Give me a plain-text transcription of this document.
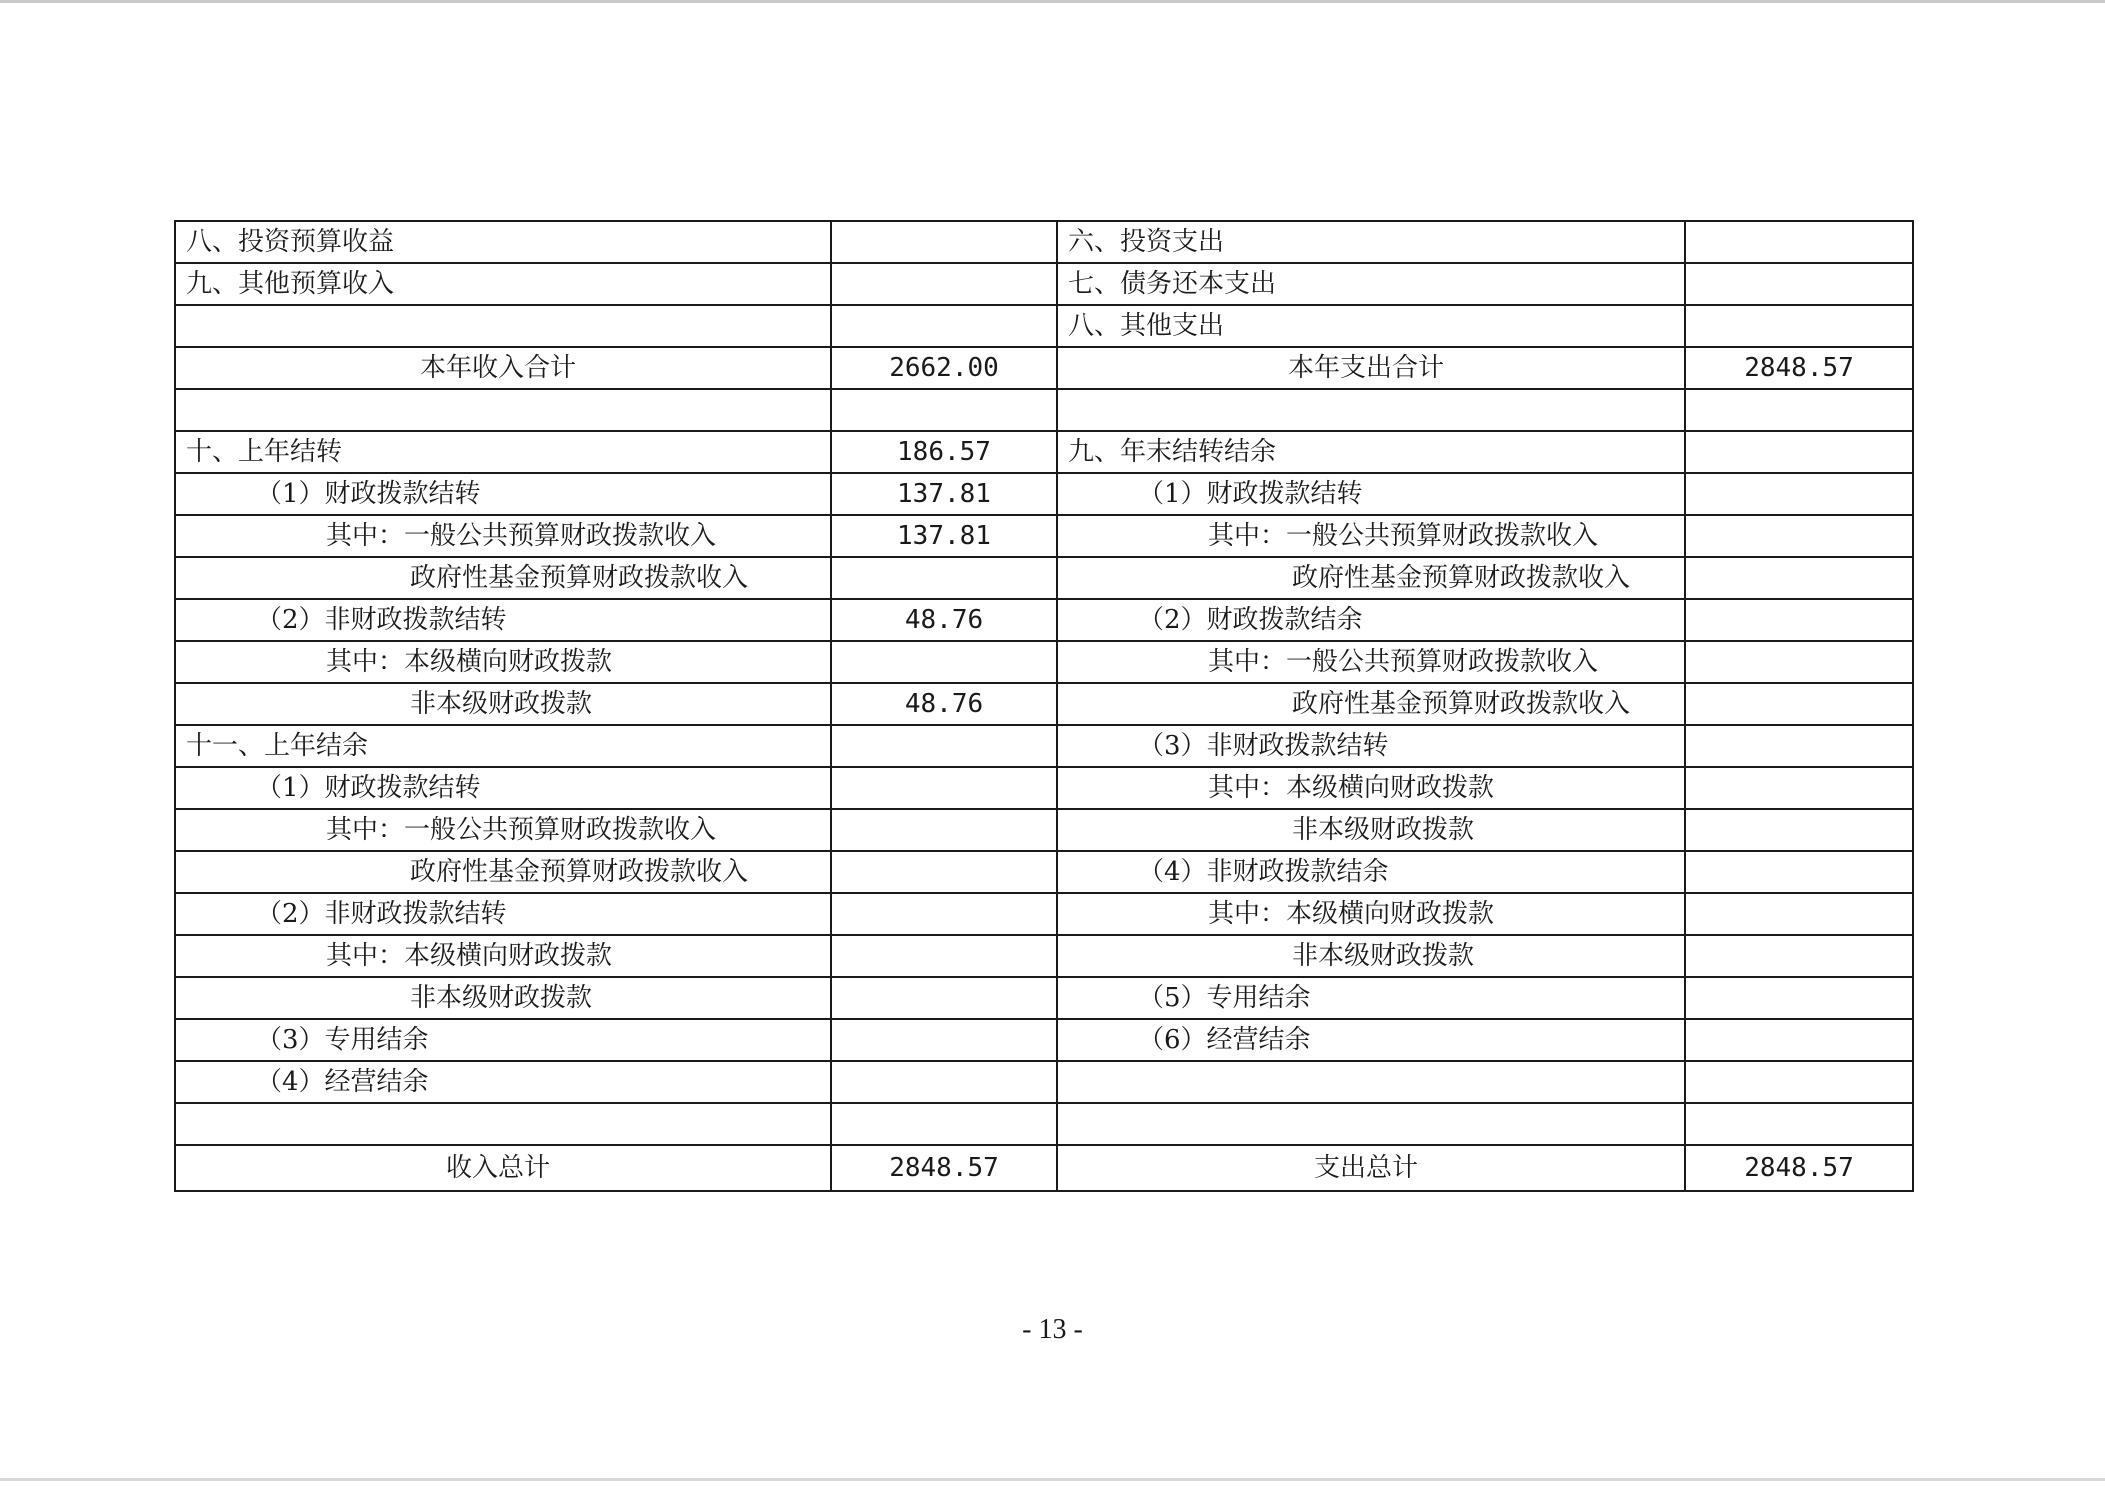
八、投资预算收益		六、投资支出	
九、其他预算收入		七、债务还本支出	
		八、其他支出	
本年收入合计	2662.00	本年支出合计	2848.57

十、上年结转	186.57	九、年末结转结余	
（1）财政拨款结转	137.81	（1）财政拨款结转	
其中：一般公共预算财政拨款收入	137.81	其中：一般公共预算财政拨款收入	
政府性基金预算财政拨款收入		政府性基金预算财政拨款收入	
（2）非财政拨款结转	48.76	（2）财政拨款结余	
其中：本级横向财政拨款		其中：一般公共预算财政拨款收入	
非本级财政拨款	48.76	政府性基金预算财政拨款收入	
十一、上年结余		（3）非财政拨款结转	
（1）财政拨款结转		其中：本级横向财政拨款	
其中：一般公共预算财政拨款收入		非本级财政拨款	
政府性基金预算财政拨款收入		（4）非财政拨款结余	
（2）非财政拨款结转		其中：本级横向财政拨款	
其中：本级横向财政拨款		非本级财政拨款	
非本级财政拨款		（5）专用结余	
（3）专用结余		（6）经营结余	
（4）经营结余			

收入总计	2848.57	支出总计	2848.57
- 13 -
